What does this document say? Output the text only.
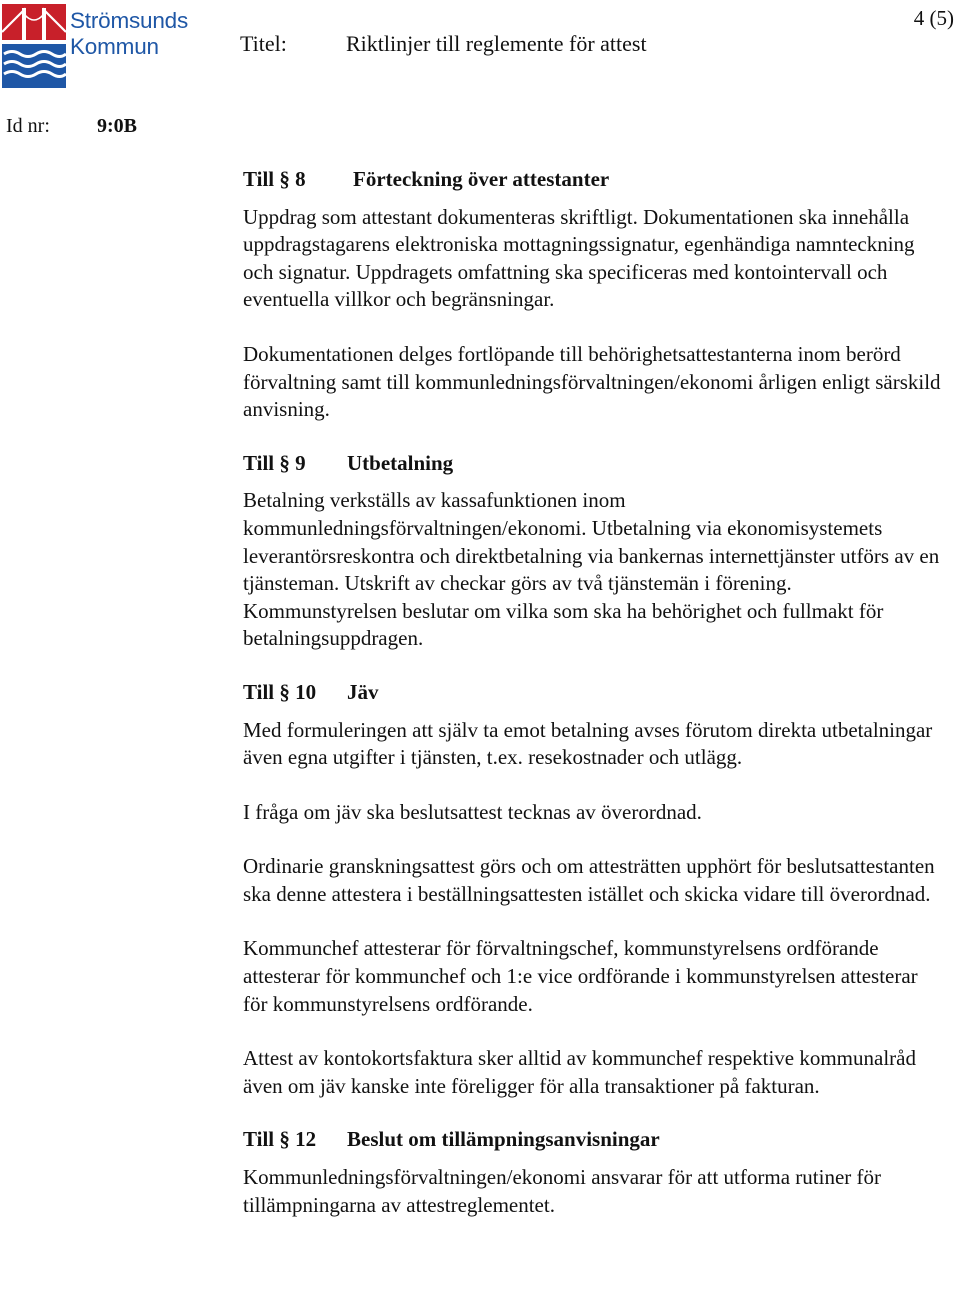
Strömsunds
Kommun	Titel:	Riktlinjer till reglemente för attest
4 (5)
Id nr: 9:0B
Till § 8	Förteckning över attestanter

Uppdrag som attestant dokumenteras skriftligt. Dokumentationen ska innehålla uppdragstagarens elektroniska mottagningssignatur, egenhändiga namnteckning och signatur. Uppdragets omfattning ska specificeras med kontointervall och eventuella villkor och begränsningar.

Dokumentationen delges fortlöpande till behörighetsattestanterna inom berörd förvaltning samt till kommunledningsförvaltningen/ekonomi årligen enligt särskild anvisning.

Till § 9	Utbetalning

Betalning verkställs av kassafunktionen inom kommunledningsförvaltningen/ekonomi. Utbetalning via ekonomisystemets leverantörsreskontra och direktbetalning via bankernas internettjänster utförs av en tjänsteman. Utskrift av checkar görs av två tjänstemän i förening. Kommunstyrelsen beslutar om vilka som ska ha behörighet och fullmakt för betalningsuppdragen.

Till § 10	Jäv

Med formuleringen att själv ta emot betalning avses förutom direkta utbetalningar även egna utgifter i tjänsten, t.ex. resekostnader och utlägg.

I fråga om jäv ska beslutsattest tecknas av överordnad.

Ordinarie granskningsattest görs och om attesträtten upphört för beslutsattestanten ska denne attestera i beställningsattesten istället och skicka vidare till överordnad.

Kommunchef attesterar för förvaltningschef, kommunstyrelsens ordförande attesterar för kommunchef och 1:e vice ordförande i kommunstyrelsen attesterar för kommunstyrelsens ordförande.

Attest av kontokortsfaktura sker alltid av kommunchef respektive kommunalråd även om jäv kanske inte föreligger för alla transaktioner på fakturan.

Till § 12	Beslut om tillämpningsanvisningar

Kommunledningsförvaltningen/ekonomi ansvarar för att utforma rutiner för tillämpningarna av attestreglementet.
